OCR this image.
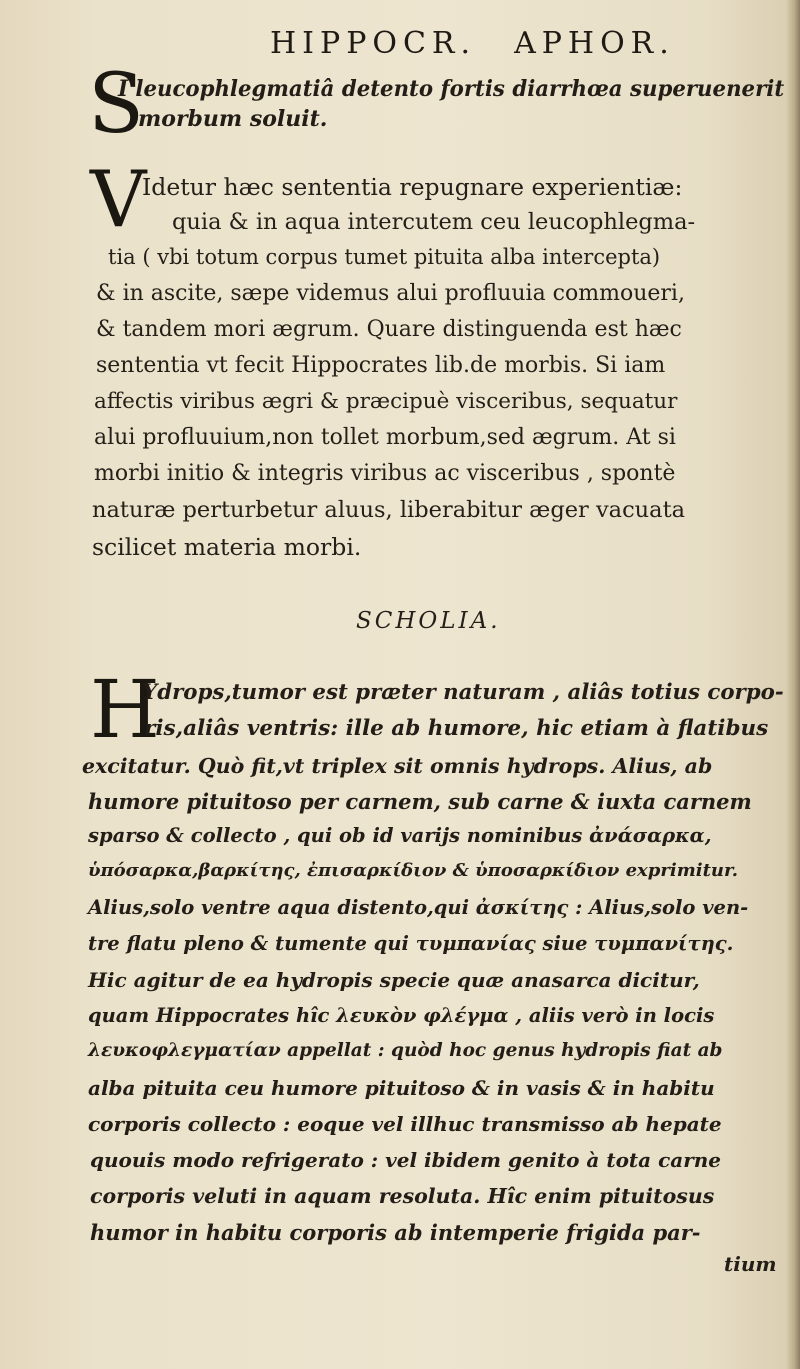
HIPPOCR. APHOR.
S
I leucophlegmatiâ detento fortis diarrhœa superuenerit
morbum soluit.
V
Idetur hæc sententia repugnare experientiæ:
quia & in aqua intercutem ceu leucophlegma-
tia ( vbi totum corpus tumet pituita alba intercepta)
& in ascite, sæpe videmus alui profluuia commoueri,
& tandem mori ægrum. Quare distinguenda est hæc
sententia vt fecit Hippocrates lib.de morbis. Si iam
affectis viribus ægri & præcipuè visceribus, sequatur
alui profluuium,non tollet morbum,sed ægrum. At si
morbi initio & integris viribus ac visceribus , spontè
naturæ perturbetur aluus, liberabitur æger vacuata
scilicet materia morbi.
SCHOLIA.
H
Ydrops,tumor est præter naturam , aliâs totius corpo-
ris,aliâs ventris: ille ab humore, hic etiam à flatibus
excitatur. Quò fit,vt triplex sit omnis hydrops. Alius, ab
humore pituitoso per carnem, sub carne & iuxta carnem
sparso & collecto , qui ob id varijs nominibus ἀνάσαρκα,
ὑπόσαρκα,βαρκίτης, ἐπισαρκίδιον & ὑποσαρκίδιον exprimitur.
Alius,solo ventre aqua distento,qui ἀσκίτης : Alius,solo ven-
tre flatu pleno & tumente qui τυμπανίας siue τυμπανίτης.
Hic agitur de ea hydropis specie quæ anasarca dicitur,
quam Hippocrates hîc λευκὸν φλέγμα , aliis verò in locis
λευκοφλεγματίαν appellat : quòd hoc genus hydropis fiat ab
alba pituita ceu humore pituitoso & in vasis & in habitu
corporis collecto : eoque vel illhuc transmisso ab hepate
quouis modo refrigerato : vel ibidem genito à tota carne
corporis veluti in aquam resoluta. Hîc enim pituitosus
humor in habitu corporis ab intemperie frigida par-
tium
